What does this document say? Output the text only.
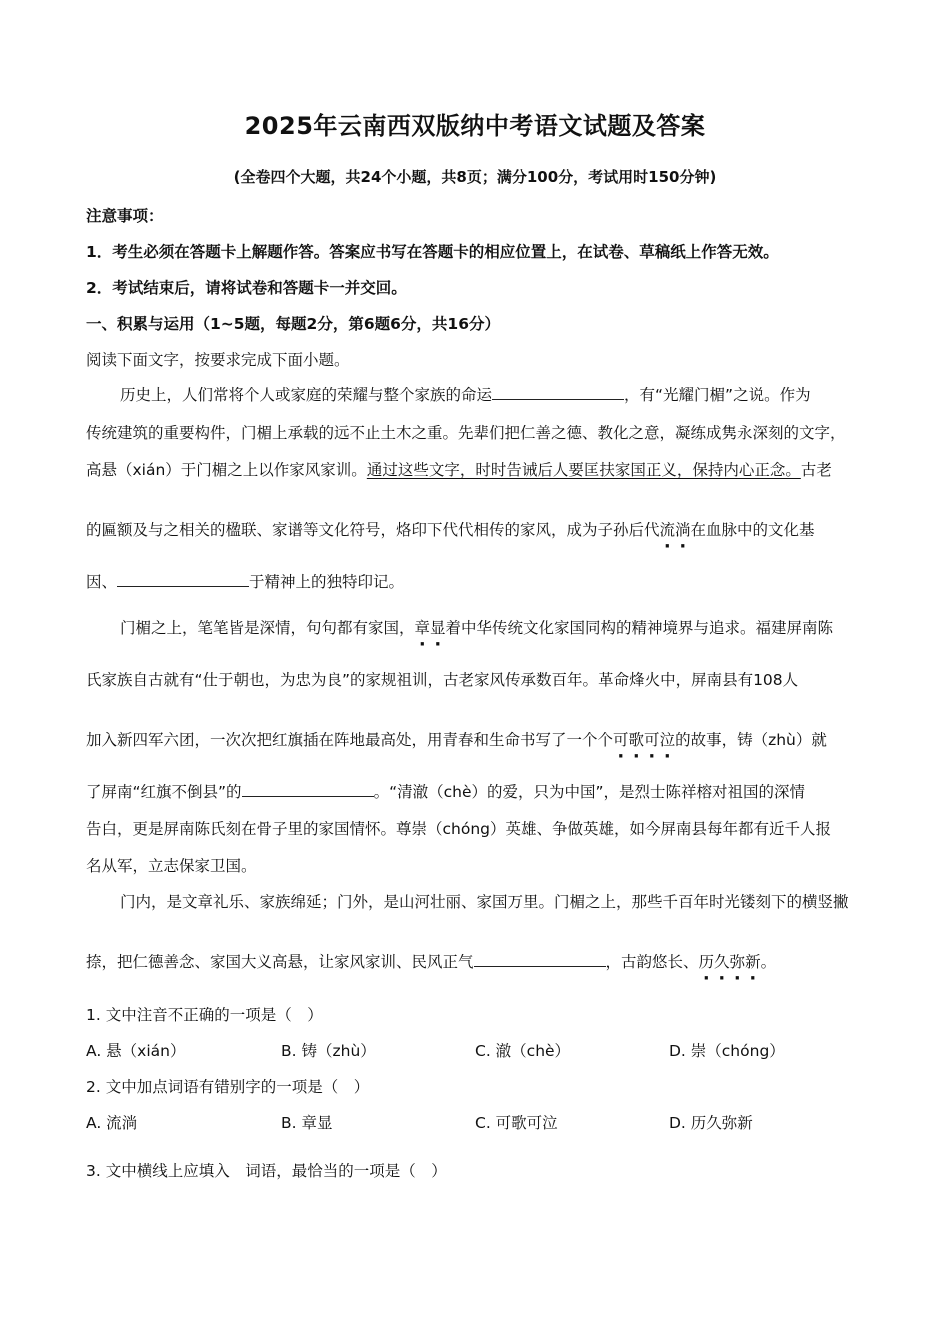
2025年云南西双版纳中考语文试题及答案
(全卷四个大题，共24个小题，共8页；满分100分，考试用时150分钟)
注意事项：
1．考生必须在答题卡上解题作答。答案应书写在答题卡的相应位置上，在试卷、草稿纸上作答无效。
2．考试结束后，请将试卷和答题卡一并交回。
一、积累与运用（1~5题，每题2分，第6题6分，共16分）
阅读下面文字，按要求完成下面小题。
历史上，人们常将个人或家庭的荣耀与整个家族的命运	，有“光耀门楣”之说。作为
传统建筑的重要构件，门楣上承载的远不止土木之重。先辈们把仁善之德、教化之意，凝练成隽永深刻的文字，
高悬（xián）于门楣之上以作家风家训。通过这些文字，时时告诫后人要匡扶家国正义，保持内心正念。古老
的匾额及与之相关的楹联、家谱等文化符号，烙印下代代相传的家风，成为子孙后代流淌在血脉中的文化基
因、	于精神上的独特印记。
门楣之上，笔笔皆是深情，句句都有家国，章显着中华传统文化家国同构的精神境界与追求。福建屏南陈
氏家族自古就有“仕于朝也，为忠为良”的家规祖训，古老家风传承数百年。革命烽火中，屏南县有108人
加入新四军六团，一次次把红旗插在阵地最高处，用青春和生命书写了一个个可歌可泣的故事，铸（zhù）就
了屏南“红旗不倒县”的	。“清澈（chè）的爱，只为中国”，是烈士陈祥榕对祖国的深情
告白，更是屏南陈氏刻在骨子里的家国情怀。尊崇（chóng）英雄、争做英雄，如今屏南县每年都有近千人报
名从军，立志保家卫国。
门内，是文章礼乐、家族绵延；门外，是山河壮丽、家国万里。门楣之上，那些千百年时光镂刻下的横竖撇
捺，把仁德善念、家国大义高悬，让家风家训、民风正气	，古韵悠长、历久弥新。
1. 文中注音不正确的一项是（　）
A. 悬（xián）	B. 铸（zhù）	C. 澈（chè）	D. 崇（chóng）
2. 文中加点词语有错别字的一项是（　）
A. 流淌	B. 章显	C. 可歌可泣	D. 历久弥新
3. 文中横线上应填入　词语，最恰当的一项是（　）
